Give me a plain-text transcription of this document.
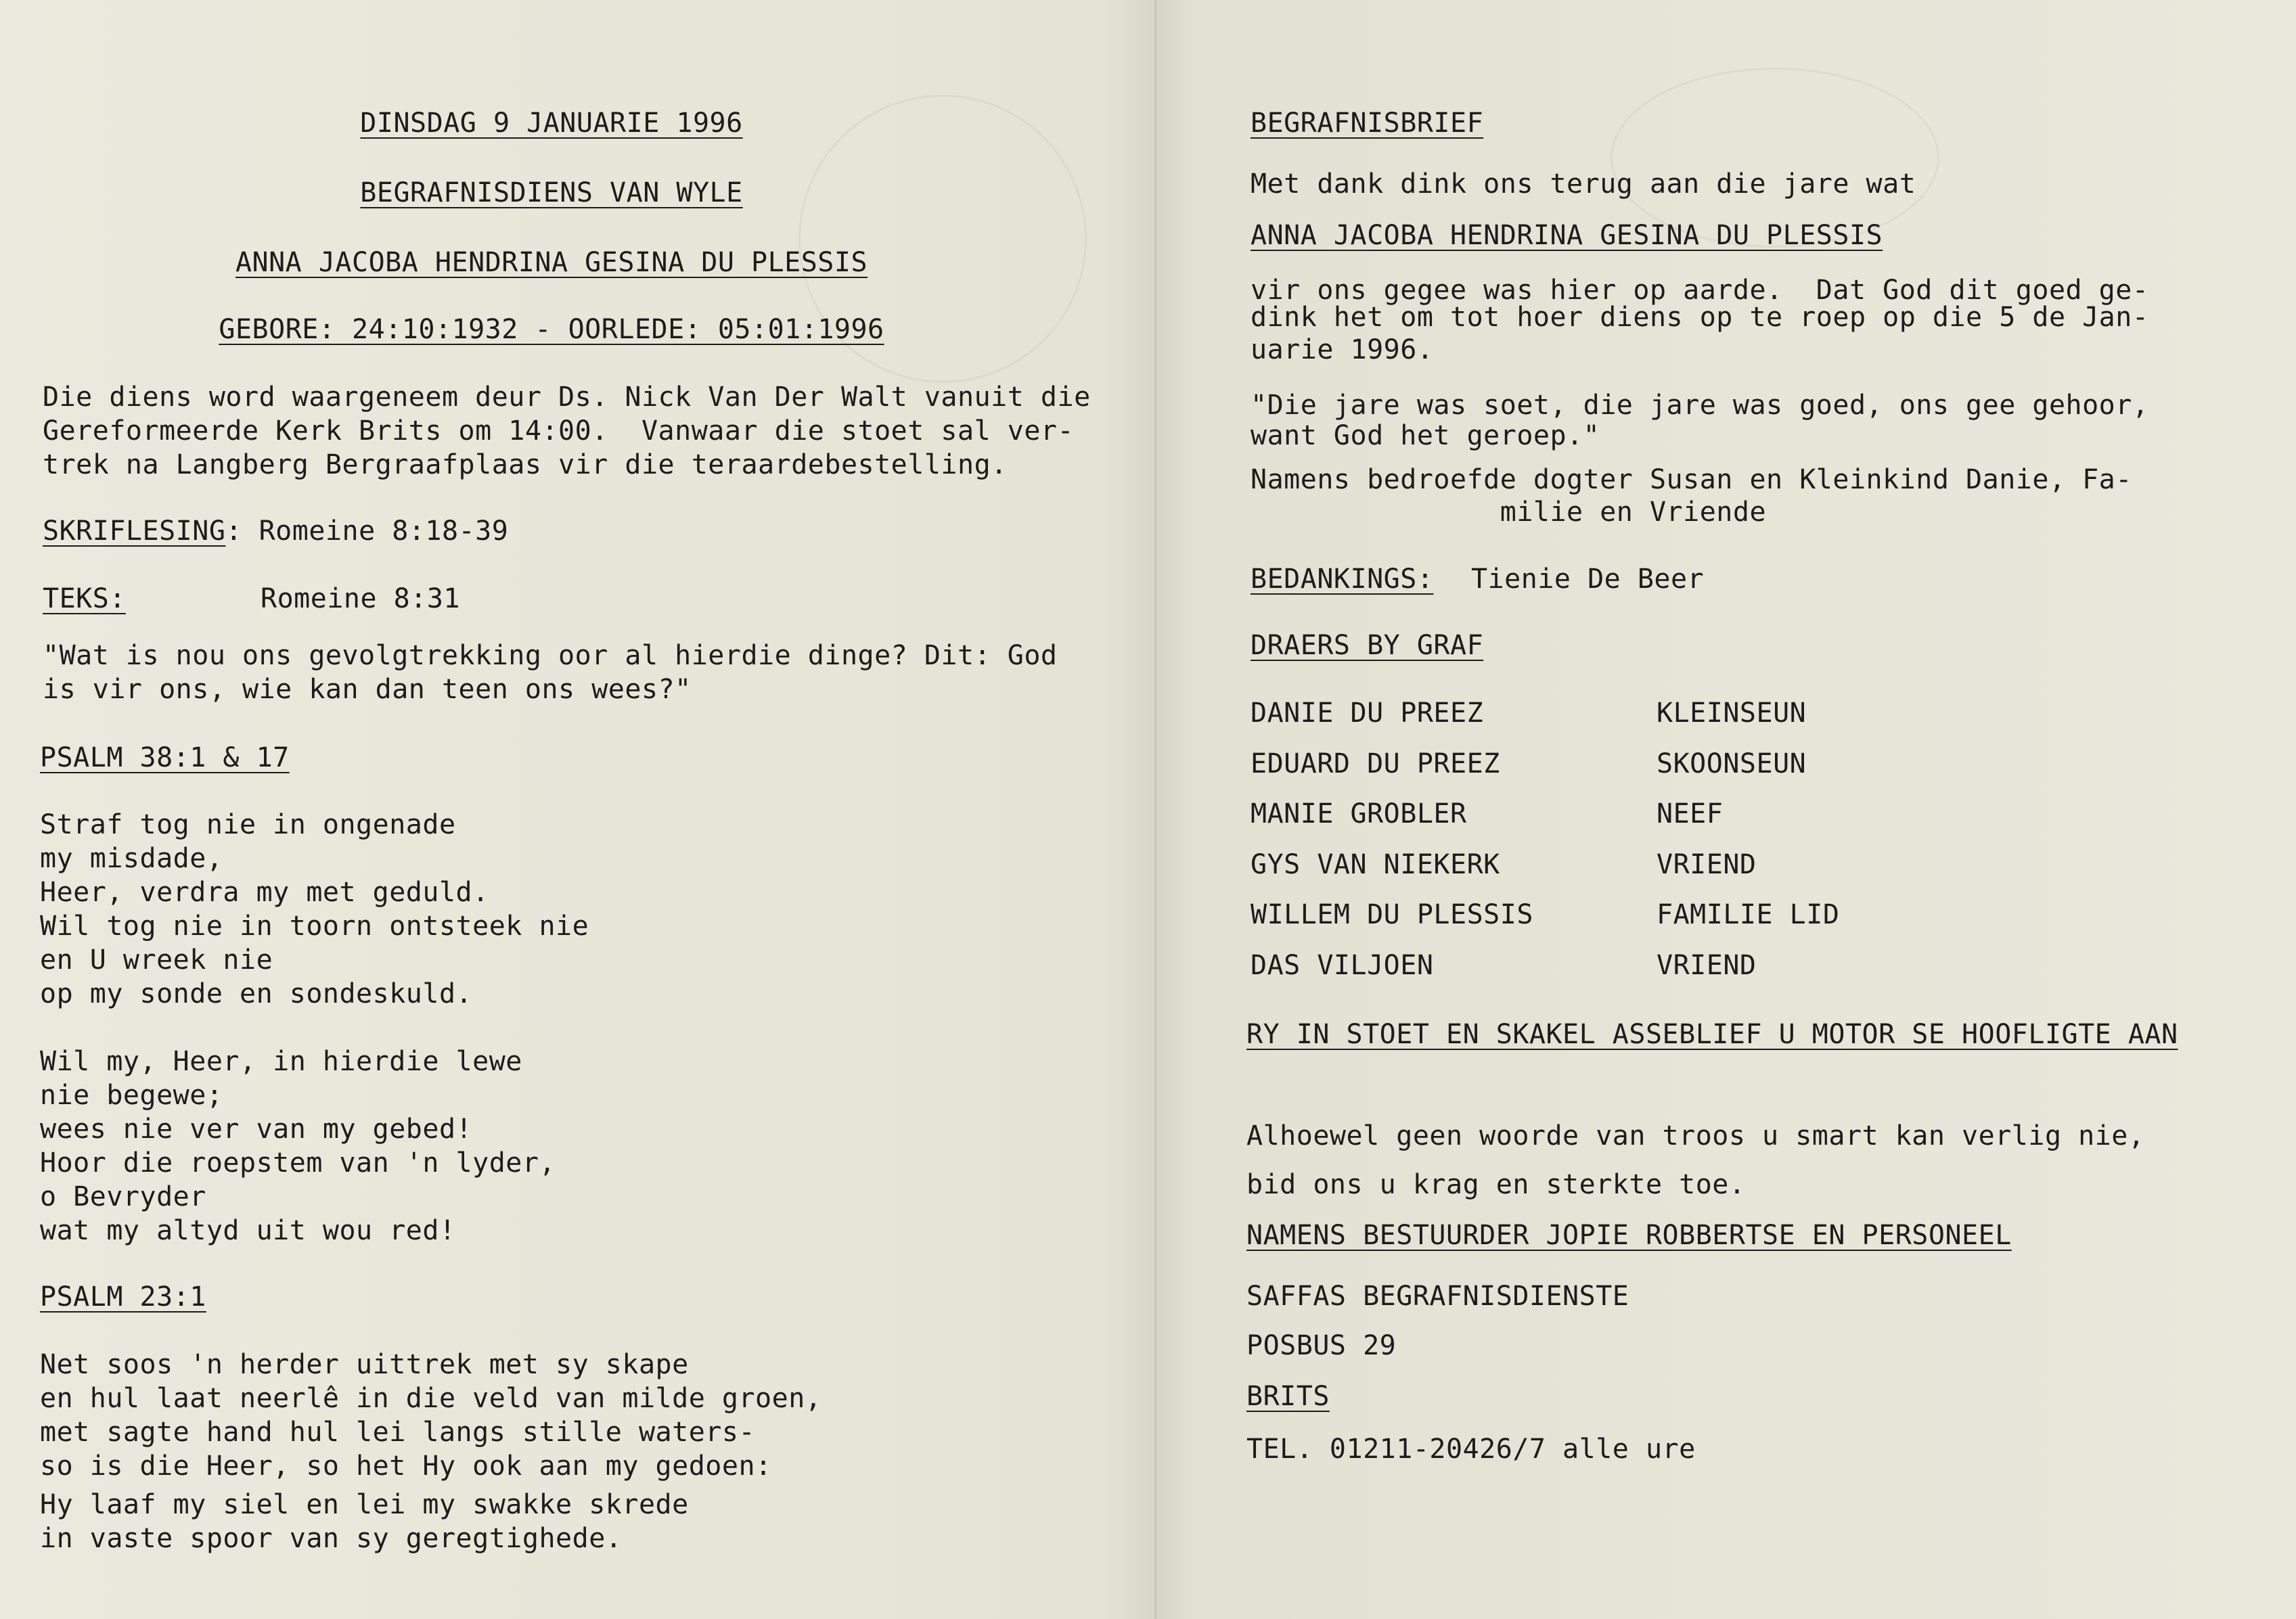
DINSDAG 9 JANUARIE 1996
BEGRAFNISDIENS VAN WYLE
ANNA JACOBA HENDRINA GESINA DU PLESSIS
GEBORE: 24:10:1932 - OORLEDE: 05:01:1996
Die diens word waargeneem deur Ds. Nick Van Der Walt vanuit die
Gereformeerde Kerk Brits om 14:00.  Vanwaar die stoet sal ver-
trek na Langberg Bergraafplaas vir die teraardebestelling.
SKRIFLESING: Romeine 8:18-39
TEKS:	Romeine 8:31
"Wat is nou ons gevolgtrekking oor al hierdie dinge? Dit: God
is vir ons, wie kan dan teen ons wees?"
PSALM 38:1 & 17
Straf tog nie in ongenade
my misdade,
Heer, verdra my met geduld.
Wil tog nie in toorn ontsteek nie
en U wreek nie
op my sonde en sondeskuld.
Wil my, Heer, in hierdie lewe
nie begewe;
wees nie ver van my gebed!
Hoor die roepstem van 'n lyder,
o Bevryder
wat my altyd uit wou red!
PSALM 23:1
Net soos 'n herder uittrek met sy skape
en hul laat neerlê in die veld van milde groen,
met sagte hand hul lei langs stille waters-
so is die Heer, so het Hy ook aan my gedoen:
Hy laaf my siel en lei my swakke skrede
in vaste spoor van sy geregtighede.
BEGRAFNISBRIEF
Met dank dink ons terug aan die jare wat
ANNA JACOBA HENDRINA GESINA DU PLESSIS
vir ons gegee was hier op aarde.  Dat God dit goed ge-
dink het om tot hoer diens op te roep op die 5 de Jan-
uarie 1996.
"Die jare was soet, die jare was goed, ons gee gehoor,
want God het geroep."
Namens bedroefde dogter Susan en Kleinkind Danie, Fa-
milie en Vriende
BEDANKINGS: Tienie De Beer
DRAERS BY GRAF
DANIE DU PREEZ	KLEINSEUN
EDUARD DU PREEZ	SKOONSEUN
MANIE GROBLER	NEEF
GYS VAN NIEKERK	VRIEND
WILLEM DU PLESSIS	FAMILIE LID
DAS VILJOEN	VRIEND
RY IN STOET EN SKAKEL ASSEBLIEF U MOTOR SE HOOFLIGTE AAN
Alhoewel geen woorde van troos u smart kan verlig nie,
bid ons u krag en sterkte toe.
NAMENS BESTUURDER JOPIE ROBBERTSE EN PERSONEEL
SAFFAS BEGRAFNISDIENSTE
POSBUS 29
BRITS
TEL. 01211-20426/7 alle ure
